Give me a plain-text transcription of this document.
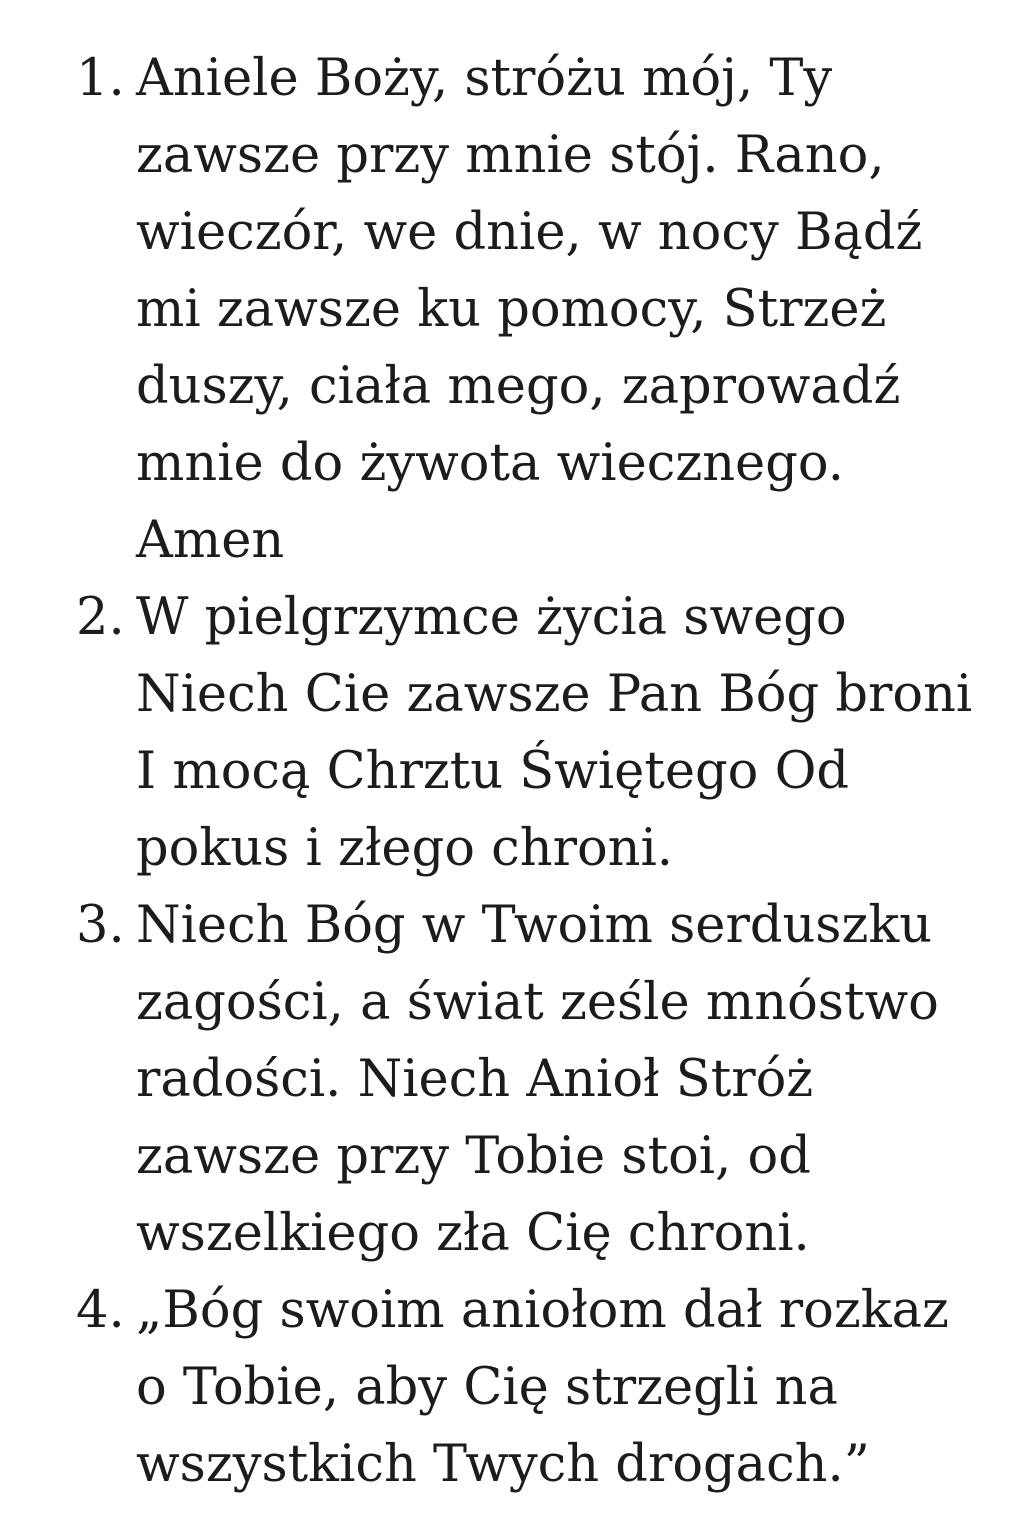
1. Aniele Boży, stróżu mój, Ty zawsze przy mnie stój. Rano, wieczór, we dnie, w nocy Bądź mi zawsze ku pomocy, Strzeż duszy, ciała mego, zaprowadź mnie do żywota wiecznego. Amen
2. W pielgrzymce życia swego Niech Cie zawsze Pan Bóg broni I mocą Chrztu Świętego Od pokus i złego chroni.
3. Niech Bóg w Twoim serduszku zagości, a świat ześle mnóstwo radości. Niech Anioł Stróż zawsze przy Tobie stoi, od wszelkiego zła Cię chroni.
4. „Bóg swoim aniołom dał rozkaz o Tobie, aby Cię strzegli na wszystkich Twych drogach.”
